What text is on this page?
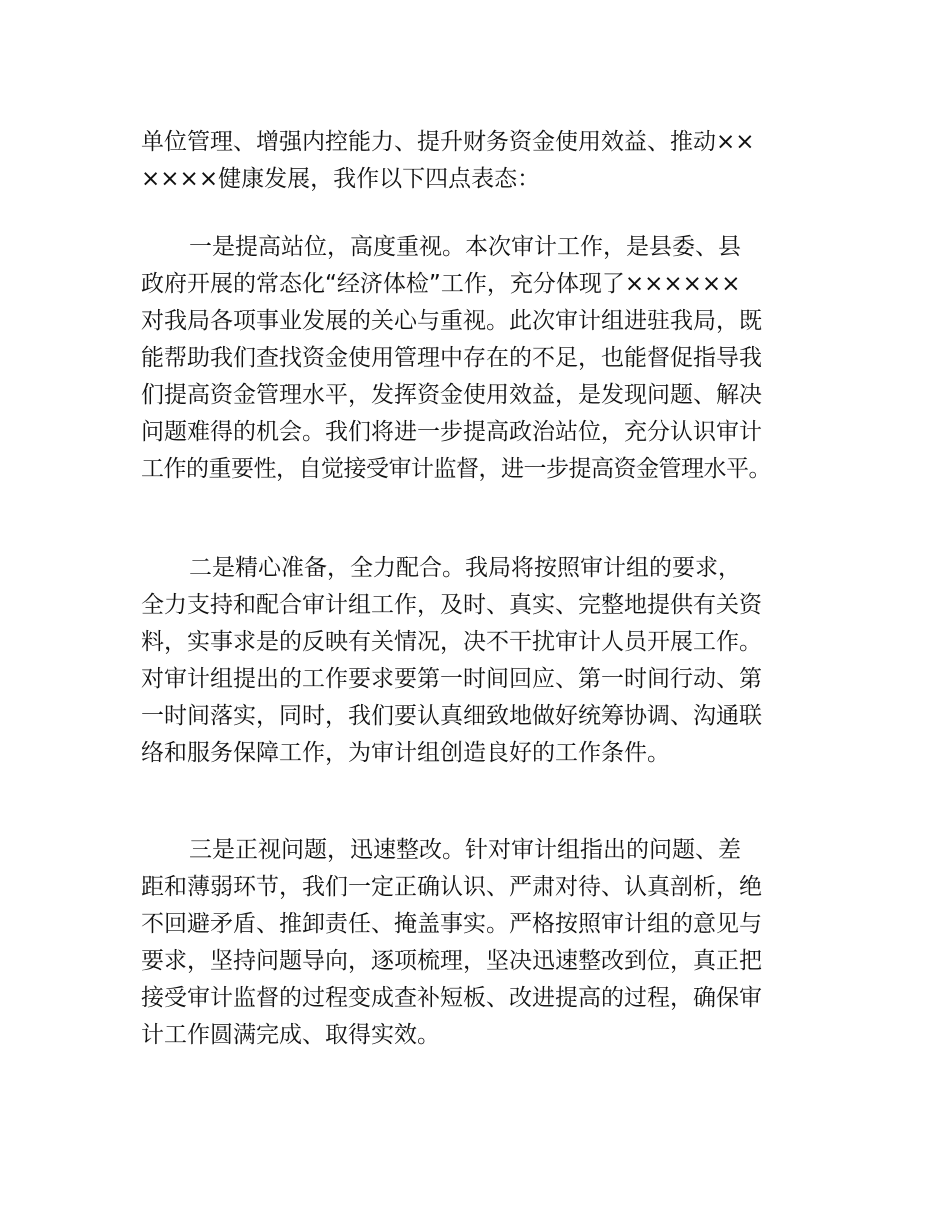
单位管理、增强内控能力、提升财务资金使用效益、推动××
××××健康发展，我作以下四点表态：
一是提高站位，高度重视。本次审计工作，是县委、县
政府开展的常态化“经济体检”工作，充分体现了××××××
对我局各项事业发展的关心与重视。此次审计组进驻我局，既
能帮助我们查找资金使用管理中存在的不足，也能督促指导我
们提高资金管理水平，发挥资金使用效益，是发现问题、解决
问题难得的机会。我们将进一步提高政治站位，充分认识审计
工作的重要性，自觉接受审计监督，进一步提高资金管理水平。
二是精心准备，全力配合。我局将按照审计组的要求，
全力支持和配合审计组工作，及时、真实、完整地提供有关资
料，实事求是的反映有关情况，决不干扰审计人员开展工作。
对审计组提出的工作要求要第一时间回应、第一时间行动、第
一时间落实，同时，我们要认真细致地做好统筹协调、沟通联
络和服务保障工作，为审计组创造良好的工作条件。
三是正视问题，迅速整改。针对审计组指出的问题、差
距和薄弱环节，我们一定正确认识、严肃对待、认真剖析，绝
不回避矛盾、推卸责任、掩盖事实。严格按照审计组的意见与
要求，坚持问题导向，逐项梳理，坚决迅速整改到位，真正把
接受审计监督的过程变成查补短板、改进提高的过程，确保审
计工作圆满完成、取得实效。
